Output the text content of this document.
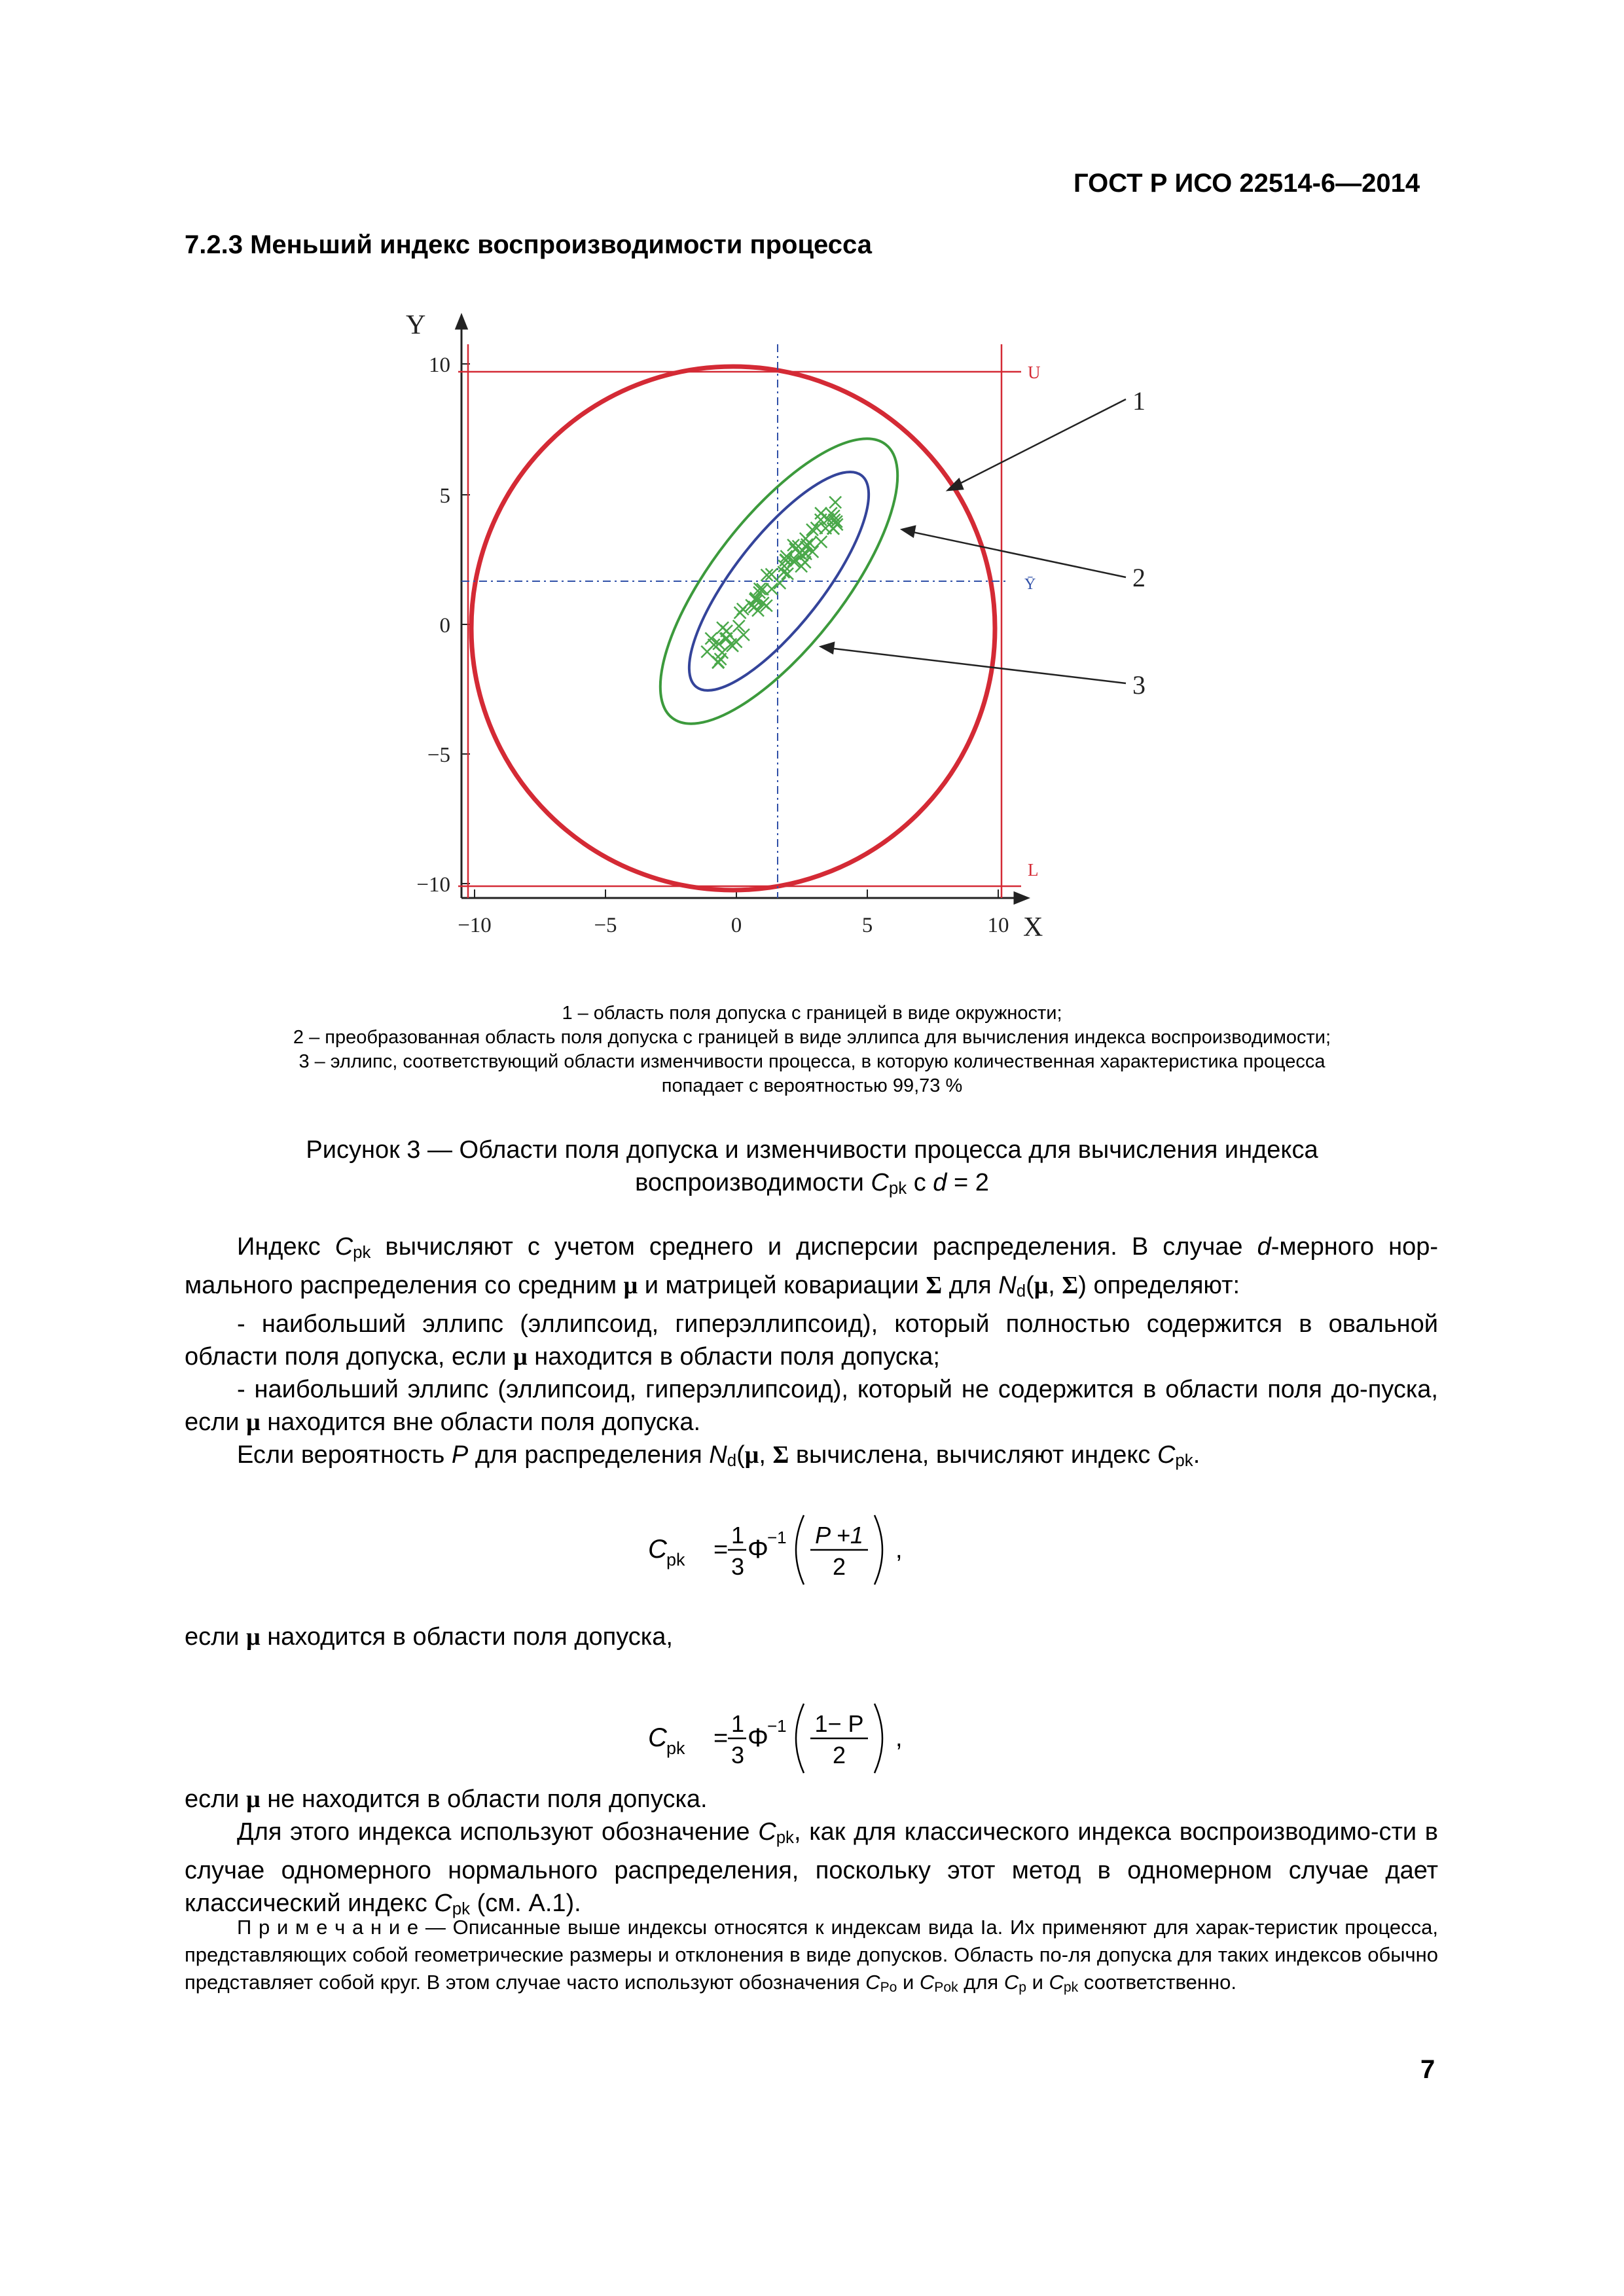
ГОСТ Р ИСО 22514-6—2014
7.2.3 Меньший индекс воспроизводимости процесса
10
5
0
−5
−10
−10	−5	0	5	10
Y
X
U
L
Ȳ
1
2
3
1 – область поля допуска с границей в виде окружности;
2 – преобразованная область поля допуска с границей в виде эллипса для вычисления индекса воспроизводимости;
3 – эллипс, соответствующий области изменчивости процесса, в которую количественная характеристика процесса
попадает с вероятностью 99,73 %
Рисунок 3 — Области поля допуска и изменчивости процесса для вычисления индекса
воспроизводимости $C_{pk}$ с d = 2

Индекс $C_{pk}$ вычисляют с учетом среднего и дисперсии распределения. В случае d-мерного нор-мального распределения со средним μ и матрицей ковариации Σ для $N_d(\mu$, Σ) определяют:

- наибольший эллипс (эллипсоид, гиперэллипсоид), который полностью содержится в овальной области поля допуска, если μ находится в области поля допуска;

- наибольший эллипс (эллипсоид, гиперэллипсоид), который не содержится в области поля до-пуска, если μ находится вне области поля допуска.

Если вероятность P для распределения $N_d(\mu$, Σ вычислена, вычисляют индекс $C_{pk}$.

C pk =
1
3
Φ
−1 P +1
2
,
если μ находится в области поля допуска,
C pk =
1
3
Φ
−1 1− P
2
,

если μ не находится в области поля допуска.

Для этого индекса используют обозначение $C_{pk}$, как для классического индекса воспроизводимо-сти в случае одномерного нормального распределения, поскольку этот метод в одномерном случае дает классический индекс $C_{pk}$ (см. А.1).

П р и м е ч а н и е — Описанные выше индексы относятся к индексам вида Ia. Их применяют для харак-теристик процесса, представляющих собой геометрические размеры и отклонения в виде допусков. Область по-ля допуска для таких индексов обычно представляет собой круг. В этом случае часто используют обозначения $C_{Po}$ и $C_{Pok}$ для $C_p$ и $C_{pk}$ соответственно.
7
